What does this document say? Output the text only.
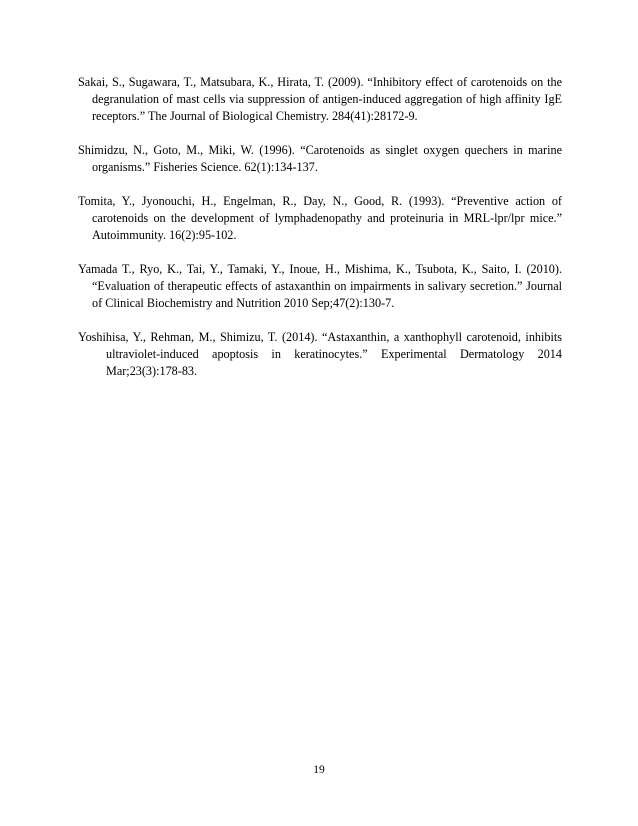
Sakai, S., Sugawara, T., Matsubara, K., Hirata, T. (2009). “Inhibitory effect of carotenoids on the degranulation of mast cells via suppression of antigen-induced aggregation of high affinity IgE receptors.” The Journal of Biological Chemistry. 284(41):28172-9.

Shimidzu, N., Goto, M., Miki, W. (1996). “Carotenoids as singlet oxygen quechers in marine organisms.” Fisheries Science. 62(1):134-137.

Tomita, Y., Jyonouchi, H., Engelman, R., Day, N., Good, R. (1993). “Preventive action of carotenoids on the development of lymphadenopathy and proteinuria in MRL-lpr/lpr mice.” Autoimmunity. 16(2):95-102.

Yamada T., Ryo, K., Tai, Y., Tamaki, Y., Inoue, H., Mishima, K., Tsubota, K., Saito, I. (2010). “Evaluation of therapeutic effects of astaxanthin on impairments in salivary secretion.” Journal of Clinical Biochemistry and Nutrition 2010 Sep;47(2):130-7.

Yoshihisa, Y., Rehman, M., Shimizu, T. (2014). “Astaxanthin, a xanthophyll carotenoid, inhibits ultraviolet-induced apoptosis in keratinocytes.” Experimental Dermatology 2014 Mar;23(3):178-83.

19
